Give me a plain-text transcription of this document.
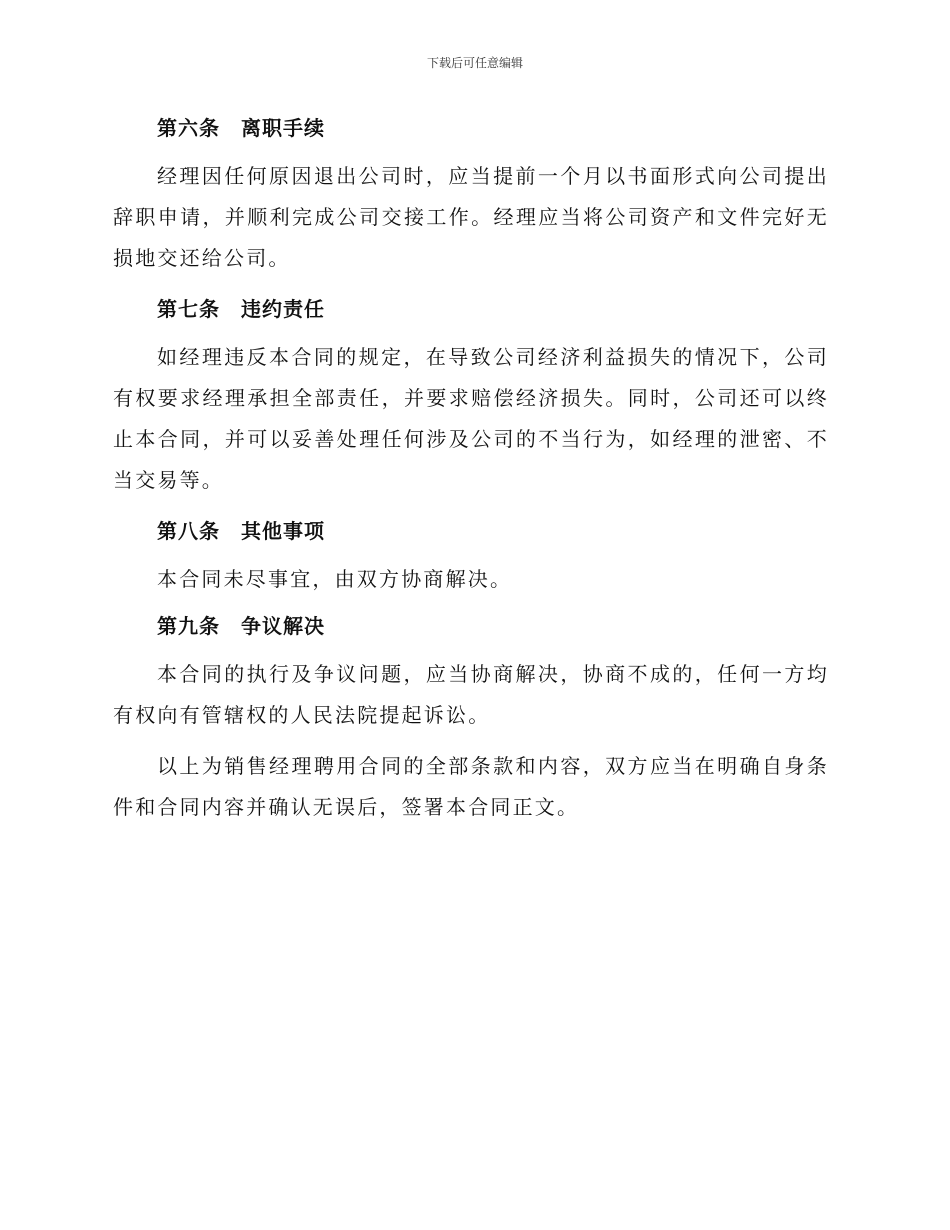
下载后可任意编辑
第六条　离职手续

经理因任何原因退出公司时，应当提前一个月以书面形式向公司提出辞职申请，并顺利完成公司交接工作。经理应当将公司资产和文件完好无损地交还给公司。

第七条　违约责任

如经理违反本合同的规定，在导致公司经济利益损失的情况下，公司有权要求经理承担全部责任，并要求赔偿经济损失。同时，公司还可以终止本合同，并可以妥善处理任何涉及公司的不当行为，如经理的泄密、不当交易等。

第八条　其他事项

本合同未尽事宜，由双方协商解决。

第九条　争议解决

本合同的执行及争议问题，应当协商解决，协商不成的，任何一方均有权向有管辖权的人民法院提起诉讼。

以上为销售经理聘用合同的全部条款和内容，双方应当在明确自身条件和合同内容并确认无误后，签署本合同正文。
